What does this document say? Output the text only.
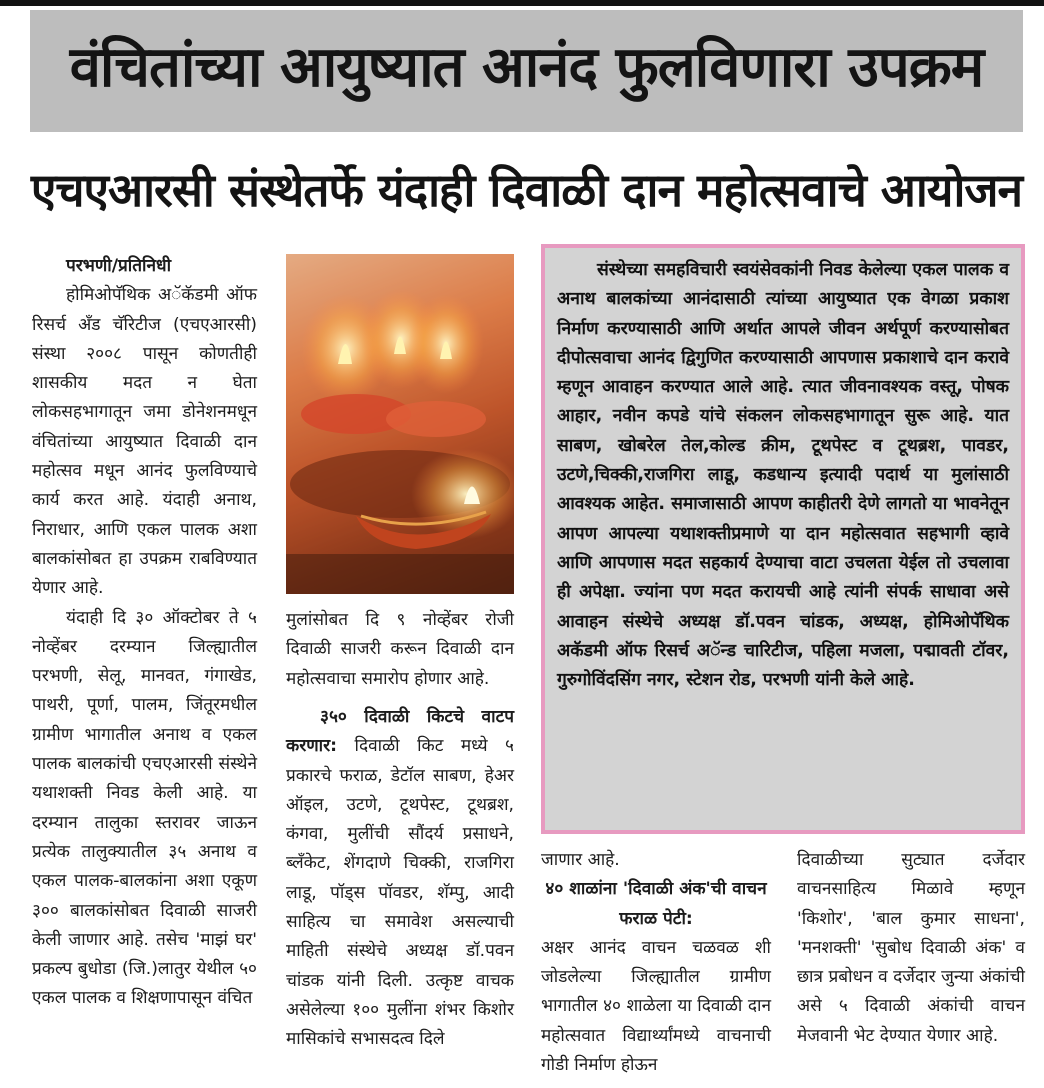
वंचितांच्या आयुष्यात आनंद फुलविणारा उपक्रम
एचएआरसी संस्थेतर्फे यंदाही दिवाळी दान महोत्सवाचे आयोजन

परभणी/प्रतिनिधी

होमिओपॅथिक अॅकॅडमी ऑफ रिसर्च अँड चॅरिटीज (एचएआरसी) संस्था २००८ पासून कोणतीही शासकीय मदत न घेता लोकसहभागातून जमा डोनेशनमधून वंचितांच्या आयुष्यात दिवाळी दान महोत्सव मधून आनंद फुलविण्याचे कार्य करत आहे. यंदाही अनाथ, निराधार, आणि एकल पालक अशा बालकांसोबत हा उपक्रम राबविण्यात येणार आहे.

यंदाही दि ३० ऑक्टोबर ते ५ नोव्हेंबर दरम्यान जिल्ह्यातील परभणी, सेलू, मानवत, गंगाखेड, पाथरी, पूर्णा, पालम, जिंतूरमधील ग्रामीण भागातील अनाथ व एकल पालक बालकांची एचएआरसी संस्थेने यथाशक्ती निवड केली आहे. या दरम्यान तालुका स्तरावर जाऊन प्रत्येक तालुक्यातील ३५ अनाथ व एकल पालक-बालकांना अशा एकूण ३०० बालकांसोबत दिवाळी साजरी केली जाणार आहे. तसेच 'माझं घर' प्रकल्प बुधोडा (जि.)लातुर येथील ५० एकल पालक व शिक्षणापासून वंचित

मुलांसोबत दि ९ नोव्हेंबर रोजी दिवाळी साजरी करून दिवाळी दान महोत्सवाचा समारोप होणार आहे.

३५० दिवाळी किटचे वाटप करणार: दिवाळी किट मध्ये ५ प्रकारचे फराळ, डेटॉल साबण, हेअर ऑइल, उटणे, टूथपेस्ट, टूथब्रश, कंगवा, मुलींची सौंदर्य प्रसाधने, ब्लँकेट, शेंगदाणे चिक्की, राजगिरा लाडू, पॉड्स पॉवडर, शॅम्पु, आदी साहित्य चा समावेश असल्याची माहिती संस्थेचे अध्यक्ष डॉ.पवन चांडक यांनी दिली. उत्कृष्ट वाचक असेलेल्या १०० मुलींना शंभर किशोर मासिकांचे सभासदत्व दिले

संस्थेच्या समहविचारी स्वयंसेवकांनी निवड केलेल्या एकल पालक व अनाथ बालकांच्या आनंदासाठी त्यांच्या आयुष्यात एक वेगळा प्रकाश निर्माण करण्यासाठी आणि अर्थात आपले जीवन अर्थपूर्ण करण्यासोबत दीपोत्सवाचा आनंद द्विगुणित करण्यासाठी आपणास प्रकाशाचे दान करावे म्हणून आवाहन करण्यात आले आहे. त्यात जीवनावश्यक वस्तू, पोषक आहार, नवीन कपडे यांचे संकलन लोकसहभागातून सुरू आहे. यात साबण, खोबरेल तेल,कोल्ड क्रीम, टूथपेस्ट व टूथब्रश, पावडर, उटणे,चिक्की,राजगिरा लाडू, कडधान्य इत्यादी पदार्थ या मुलांसाठी आवश्यक आहेत. समाजासाठी आपण काहीतरी देणे लागतो या भावनेतून आपण आपल्या यथाशक्तीप्रमाणे या दान महोत्सवात सहभागी व्हावे आणि आपणास मदत सहकार्य देण्याचा वाटा उचलता येईल तो उचलावा ही अपेक्षा. ज्यांना पण मदत करायची आहे त्यांनी संपर्क साधावा असे आवाहन संस्थेचे अध्यक्ष डॉ.पवन चांडक, अध्यक्ष, होमिओपॅथिक अकॅडमी ऑफ रिसर्च अॅन्ड चारिटीज, पहिला मजला, पद्मावती टॉवर, गुरुगोविंदसिंग नगर, स्टेशन रोड, परभणी यांनी केले आहे.

जाणार आहे.

४० शाळांना 'दिवाळी अंक'ची वाचन फराळ पेटी:

अक्षर आनंद वाचन चळवळ शी जोडलेल्या जिल्ह्यातील ग्रामीण भागातील ४० शाळेला या दिवाळी दान महोत्सवात विद्यार्थ्यांमध्ये वाचनाची गोडी निर्माण होऊन

दिवाळीच्या सुट्यात दर्जेदार वाचनसाहित्य मिळावे म्हणून 'किशोर', 'बाल कुमार साधना', 'मनशक्ती' 'सुबोध दिवाळी अंक' व छात्र प्रबोधन व दर्जेदार जुन्या अंकांची असे ५ दिवाळी अंकांची वाचन मेजवानी भेट देण्यात येणार आहे.
